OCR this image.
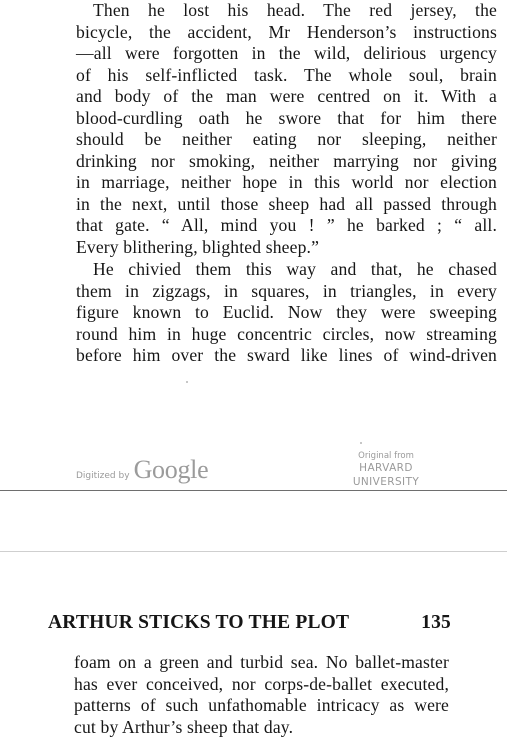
Then he lost his head. The red jersey, the
bicycle, the accident, Mr Henderson’s instructions
—all were forgotten in the wild, delirious urgency
of his self-inflicted task. The whole soul, brain
and body of the man were centred on it. With a
blood-curdling oath he swore that for him there
should be neither eating nor sleeping, neither
drinking nor smoking, neither marrying nor giving
in marriage, neither hope in this world nor election
in the next, until those sheep had all passed through
that gate. “ All, mind you ! ” he barked ; “ all.
Every blithering, blighted sheep.”

He chivied them this way and that, he chased
them in zigzags, in squares, in triangles, in every
figure known to Euclid. Now they were sweeping
round him in huge concentric circles, now streaming
before him over the sward like lines of wind-driven

Digitized by Google	Original from
HARVARD UNIVERSITY
ARTHUR STICKS TO THE PLOT	135

foam on a green and turbid sea. No ballet-master
has ever conceived, nor corps-de-ballet executed,
patterns of such unfathomable intricacy as were
cut by Arthur’s sheep that day.
